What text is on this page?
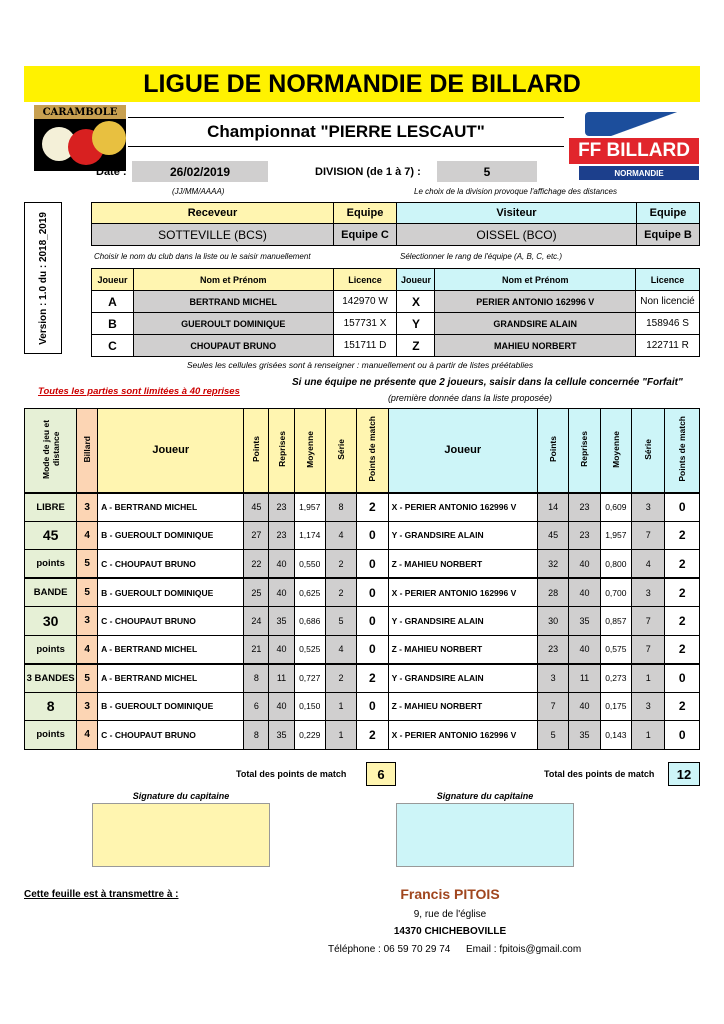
LIGUE DE NORMANDIE DE BILLARD
CARAMBOLE
Championnat "PIERRE LESCAUT"
FF BILLARD
NORMANDIE
Date :	26/02/2019	DIVISION (de 1 à 7) :	5
(JJ/MM/AAAA)	Le choix de la division provoque l'affichage des distances
Version : 1.0 du : 2018_2019	Receveur	Equipe	Visiteur	Equipe
SOTTEVILLE (BCS)	Equipe C	OISSEL (BCO)	Equipe B
Choisir le nom du club dans la liste ou le saisir manuellement	Sélectionner le rang de l'équipe (A, B, C, etc.)
Joueur	Nom et Prénom	Licence	Joueur	Nom et Prénom	Licence
A	BERTRAND MICHEL	142970 W	X	PERIER ANTONIO 162996 V	Non licencié
B	GUEROULT DOMINIQUE	157731 X	Y	GRANDSIRE ALAIN	158946 S
C	CHOUPAUT BRUNO	151711 D	Z	MAHIEU NORBERT	122711 R
Seules les cellules grisées sont à renseigner : manuellement ou à partir de listes préétablies
Toutes les parties sont limitées à 40 reprises
Si une équipe ne présente que 2 joueurs, saisir dans la cellule concernée "Forfait"
(première donnée dans la liste proposée)
Mode de jeu et distance	Billard	Joueur	Points	Reprises	Moyenne	Série	Points de match	Joueur	Points	Reprises	Moyenne	Série	Points de match
LIBRE	3	A - BERTRAND MICHEL	45	23	1,957	8	2	X - PERIER ANTONIO 162996 V	14	23	0,609	3	0
45	4	B - GUEROULT DOMINIQUE	27	23	1,174	4	0	Y - GRANDSIRE ALAIN	45	23	1,957	7	2
points	5	C - CHOUPAUT BRUNO	22	40	0,550	2	0	Z - MAHIEU NORBERT	32	40	0,800	4	2
BANDE	5	B - GUEROULT DOMINIQUE	25	40	0,625	2	0	X - PERIER ANTONIO 162996 V	28	40	0,700	3	2
30	3	C - CHOUPAUT BRUNO	24	35	0,686	5	0	Y - GRANDSIRE ALAIN	30	35	0,857	7	2
points	4	A - BERTRAND MICHEL	21	40	0,525	4	0	Z - MAHIEU NORBERT	23	40	0,575	7	2
3 BANDES	5	A - BERTRAND MICHEL	8	11	0,727	2	2	Y - GRANDSIRE ALAIN	3	11	0,273	1	0
8	3	B - GUEROULT DOMINIQUE	6	40	0,150	1	0	Z - MAHIEU NORBERT	7	40	0,175	3	2
points	4	C - CHOUPAUT BRUNO	8	35	0,229	1	2	X - PERIER ANTONIO 162996 V	5	35	0,143	1	0
Total des points de match	6	Total des points de match	12
Signature du capitaine	Signature du capitaine
Cette feuille est à transmettre à :	Francis PITOIS
9, rue de l'église
14370 CHICHEBOVILLE
Téléphone : 06 59 70 29 74	Email : fpitois@gmail.com
